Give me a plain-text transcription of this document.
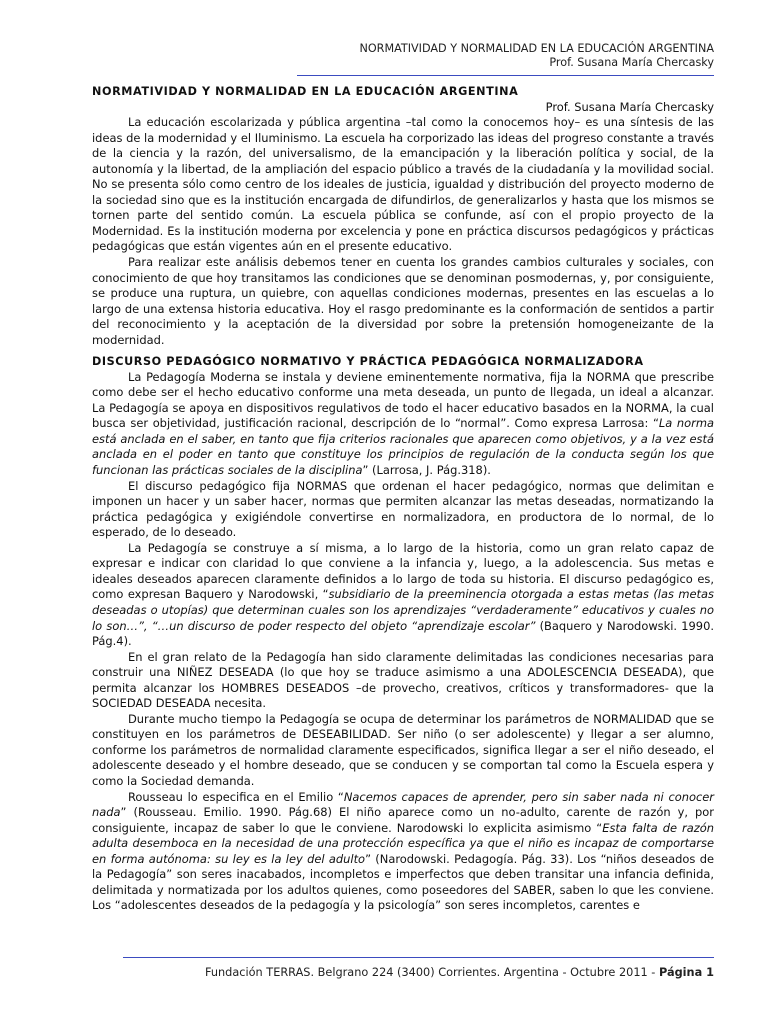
NORMATIVIDAD Y NORMALIDAD EN LA EDUCACIÓN ARGENTINA
Prof. Susana María Chercasky

NORMATIVIDAD Y NORMALIDAD EN LA EDUCACIÓN ARGENTINA

Prof. Susana María Chercasky

La educación escolarizada y pública argentina –tal como la conocemos hoy– es una síntesis de las ideas de la modernidad y el Iluminismo. La escuela ha corporizado las ideas del progreso constante a través de la ciencia y la razón, del universalismo, de la emancipación y la liberación política y social, de la autonomía y la libertad, de la ampliación del espacio público a través de la ciudadanía y la movilidad social. No se presenta sólo como centro de los ideales de justicia, igualdad y distribución del proyecto moderno de la sociedad sino que es la institución encargada de difundirlos, de generalizarlos y hasta que los mismos se tornen parte del sentido común. La escuela pública se confunde, así con el propio proyecto de la Modernidad. Es la institución moderna por excelencia y pone en práctica discursos pedagógicos y prácticas pedagógicas que están vigentes aún en el presente educativo.

Para realizar este análisis debemos tener en cuenta los grandes cambios culturales y sociales, con conocimiento de que hoy transitamos las condiciones que se denominan posmodernas, y, por consiguiente, se produce una ruptura, un quiebre, con aquellas condiciones modernas, presentes en las escuelas a lo largo de una extensa historia educativa. Hoy el rasgo predominante es la conformación de sentidos a partir del reconocimiento y la aceptación de la diversidad por sobre la pretensión homogeneizante de la modernidad.

DISCURSO PEDAGÓGICO NORMATIVO Y PRÁCTICA PEDAGÓGICA NORMALIZADORA

La Pedagogía Moderna se instala y deviene eminentemente normativa, fija la NORMA que prescribe como debe ser el hecho educativo conforme una meta deseada, un punto de llegada, un ideal a alcanzar. La Pedagogía se apoya en dispositivos regulativos de todo el hacer educativo basados en la NORMA, la cual busca ser objetividad, justificación racional, descripción de lo “normal”. Como expresa Larrosa: “La norma está anclada en el saber, en tanto que fija criterios racionales que aparecen como objetivos, y a la vez está anclada en el poder en tanto que constituye los principios de regulación de la conducta según los que funcionan las prácticas sociales de la disciplina” (Larrosa, J. Pág.318).

El discurso pedagógico fija NORMAS que ordenan el hacer pedagógico, normas que delimitan e imponen un hacer y un saber hacer, normas que permiten alcanzar las metas deseadas, normatizando la práctica pedagógica y exigiéndole convertirse en normalizadora, en productora de lo normal, de lo esperado, de lo deseado.

La Pedagogía se construye a sí misma, a lo largo de la historia, como un gran relato capaz de expresar e indicar con claridad lo que conviene a la infancia y, luego, a la adolescencia. Sus metas e ideales deseados aparecen claramente definidos a lo largo de toda su historia. El discurso pedagógico es, como expresan Baquero y Narodowski, “subsidiario de la preeminencia otorgada a estas metas (las metas deseadas o utopías) que determinan cuales son los aprendizajes “verdaderamente” educativos y cuales no lo son…”, “…un discurso de poder respecto del objeto “aprendizaje escolar” (Baquero y Narodowski. 1990. Pág.4).

En el gran relato de la Pedagogía han sido claramente delimitadas las condiciones necesarias para construir una NIÑEZ DESEADA (lo que hoy se traduce asimismo a una ADOLESCENCIA DESEADA), que permita alcanzar los HOMBRES DESEADOS –de provecho, creativos, críticos y transformadores- que la SOCIEDAD DESEADA necesita.

Durante mucho tiempo la Pedagogía se ocupa de determinar los parámetros de NORMALIDAD que se constituyen en los parámetros de DESEABILIDAD. Ser niño (o ser adolescente) y llegar a ser alumno, conforme los parámetros de normalidad claramente especificados, significa llegar a ser el niño deseado, el adolescente deseado y el hombre deseado, que se conducen y se comportan tal como la Escuela espera y como la Sociedad demanda.

Rousseau lo especifica en el Emilio “Nacemos capaces de aprender, pero sin saber nada ni conocer nada” (Rousseau. Emilio. 1990. Pág.68) El niño aparece como un no-adulto, carente de razón y, por consiguiente, incapaz de saber lo que le conviene. Narodowski lo explicita asimismo “Esta falta de razón adulta desemboca en la necesidad de una protección específica ya que el niño es incapaz de comportarse en forma autónoma: su ley es la ley del adulto” (Narodowski. Pedagogía. Pág. 33). Los “niños deseados de la Pedagogía” son seres inacabados, incompletos e imperfectos que deben transitar una infancia definida, delimitada y normatizada por los adultos quienes, como poseedores del SABER, saben lo que les conviene. Los “adolescentes deseados de la pedagogía y la psicología” son seres incompletos, carentes e

Fundación TERRAS. Belgrano 224 (3400) Corrientes. Argentina - Octubre 2011 - Página 1
